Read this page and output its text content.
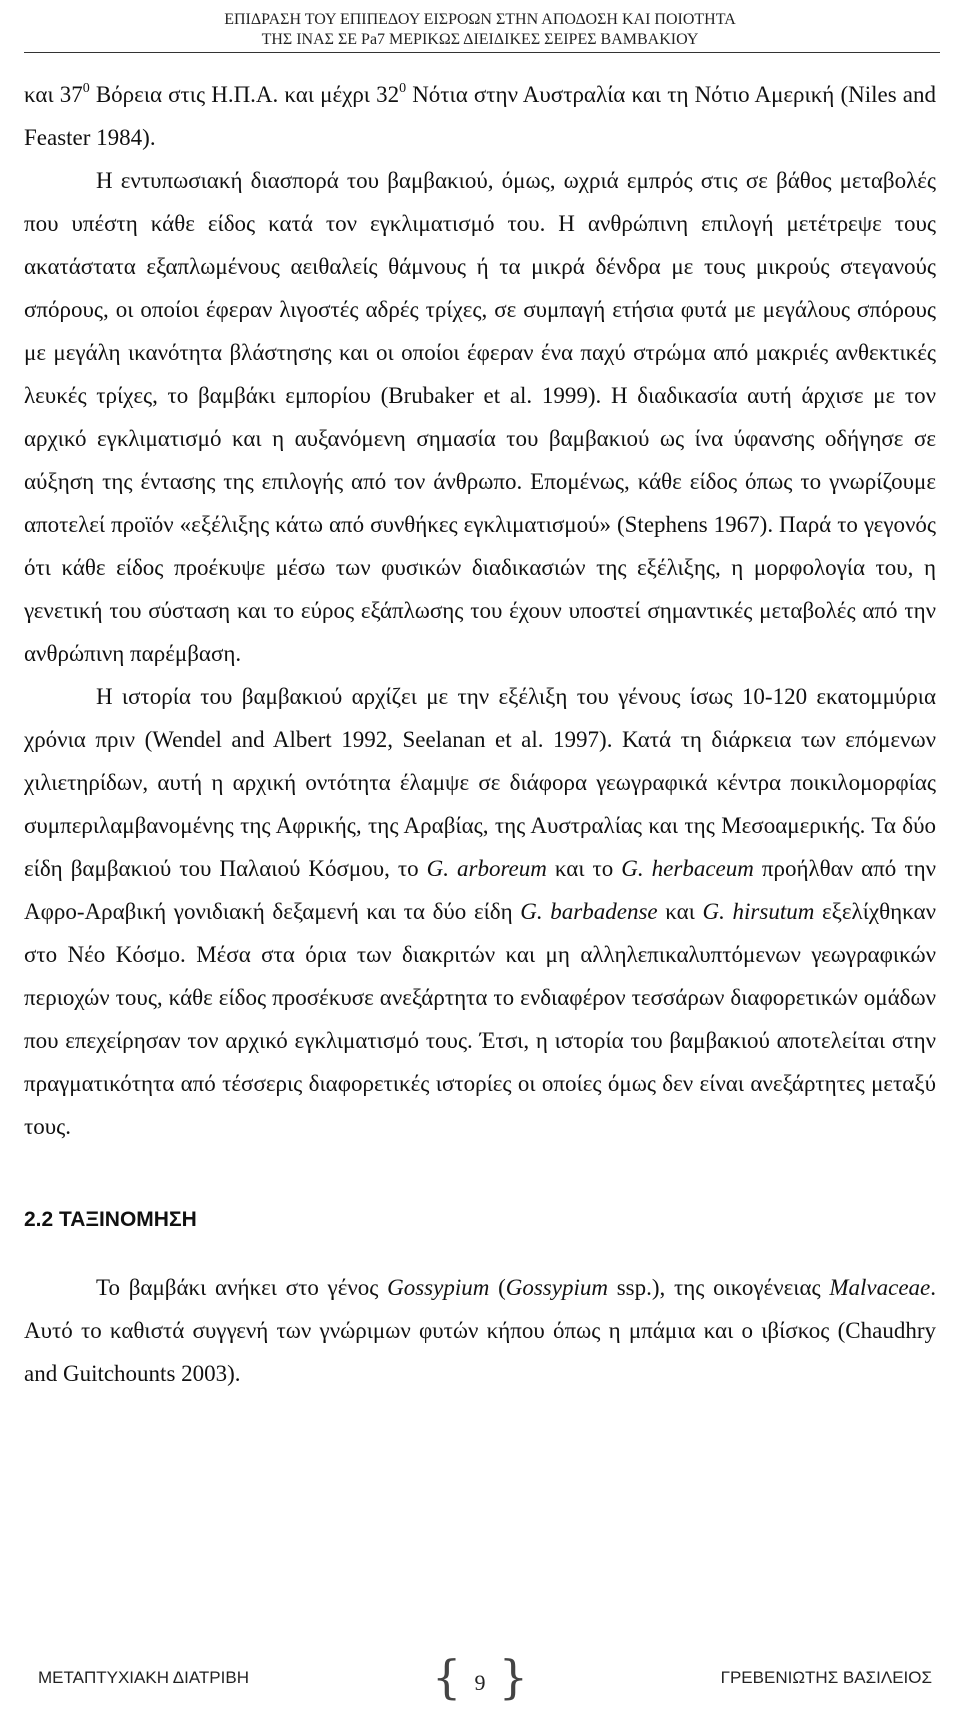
ΕΠΙΔΡΑΣΗ ΤΟΥ ΕΠΙΠΕΔΟΥ ΕΙΣΡΟΩΝ ΣΤΗΝ ΑΠΟΔΟΣΗ ΚΑΙ ΠΟΙΟΤΗΤΑ
ΤΗΣ ΙΝΑΣ ΣΕ Pa7 ΜΕΡΙΚΩΣ ΔΙΕΙΔΙΚΕΣ ΣΕΙΡΕΣ ΒΑΜΒΑΚΙΟΥ

και $37^0$ Βόρεια στις Η.Π.Α. και μέχρι $32^0$ Νότια στην Αυστραλία και τη Νότιο Αμερική (Niles and Feaster 1984).

Η εντυπωσιακή διασπορά του βαμβακιού, όμως, ωχριά εμπρός στις σε βάθος μεταβολές που υπέστη κάθε είδος κατά τον εγκλιματισμό του. Η ανθρώπινη επιλογή μετέτρεψε τους ακατάστατα εξαπλωμένους αειθαλείς θάμνους ή τα μικρά δένδρα με τους μικρούς στεγανούς σπόρους, οι οποίοι έφεραν λιγοστές αδρές τρίχες, σε συμπαγή ετήσια φυτά με μεγάλους σπόρους με μεγάλη ικανότητα βλάστησης και οι οποίοι έφεραν ένα παχύ στρώμα από μακριές ανθεκτικές λευκές τρίχες, το βαμβάκι εμπορίου (Brubaker et al. 1999). Η διαδικασία αυτή άρχισε με τον αρχικό εγκλιματισμό και η αυξανόμενη σημασία του βαμβακιού ως ίνα ύφανσης οδήγησε σε αύξηση της έντασης της επιλογής από τον άνθρωπο. Επομένως, κάθε είδος όπως το γνωρίζουμε αποτελεί προϊόν «εξέλιξης κάτω από συνθήκες εγκλιματισμού» (Stephens 1967). Παρά το γεγονός ότι κάθε είδος προέκυψε μέσω των φυσικών διαδικασιών της εξέλιξης, η μορφολογία του, η γενετική του σύσταση και το εύρος εξάπλωσης του έχουν υποστεί σημαντικές μεταβολές από την ανθρώπινη παρέμβαση.

Η ιστορία του βαμβακιού αρχίζει με την εξέλιξη του γένους ίσως 10-120 εκατομμύρια χρόνια πριν (Wendel and Albert 1992, Seelanan et al. 1997). Κατά τη διάρκεια των επόμενων χιλιετηρίδων, αυτή η αρχική οντότητα έλαμψε σε διάφορα γεωγραφικά κέντρα ποικιλομορφίας συμπεριλαμβανομένης της Αφρικής, της Αραβίας, της Αυστραλίας και της Μεσοαμερικής. Τα δύο είδη βαμβακιού του Παλαιού Κόσμου, το G. arboreum και το G. herbaceum προήλθαν από την Αφρο-Αραβική γονιδιακή δεξαμενή και τα δύο είδη G. barbadense και G. hirsutum εξελίχθηκαν στο Νέο Κόσμο. Μέσα στα όρια των διακριτών και μη αλληλεπικαλυπτόμενων γεωγραφικών περιοχών τους, κάθε είδος προσέκυσε ανεξάρτητα το ενδιαφέρον τεσσάρων διαφορετικών ομάδων που επεχείρησαν τον αρχικό εγκλιματισμό τους. Έτσι, η ιστορία του βαμβακιού αποτελείται στην πραγματικότητα από τέσσερις διαφορετικές ιστορίες οι οποίες όμως δεν είναι ανεξάρτητες μεταξύ τους.

2.2 ΤΑΞΙΝΟΜΗΣΗ

Το βαμβάκι ανήκει στο γένος Gossypium (Gossypium ssp.), της οικογένειας Malvaceae. Αυτό το καθιστά συγγενή των γνώριμων φυτών κήπου όπως η μπάμια και ο ιβίσκος (Chaudhry and Guitchounts 2003).

ΜΕΤΑΠΤΥΧΙΑΚΗ ΔΙΑΤΡΙΒΗ	{ 9 }	ΓΡΕΒΕΝΙΩΤΗΣ ΒΑΣΙΛΕΙΟΣ
